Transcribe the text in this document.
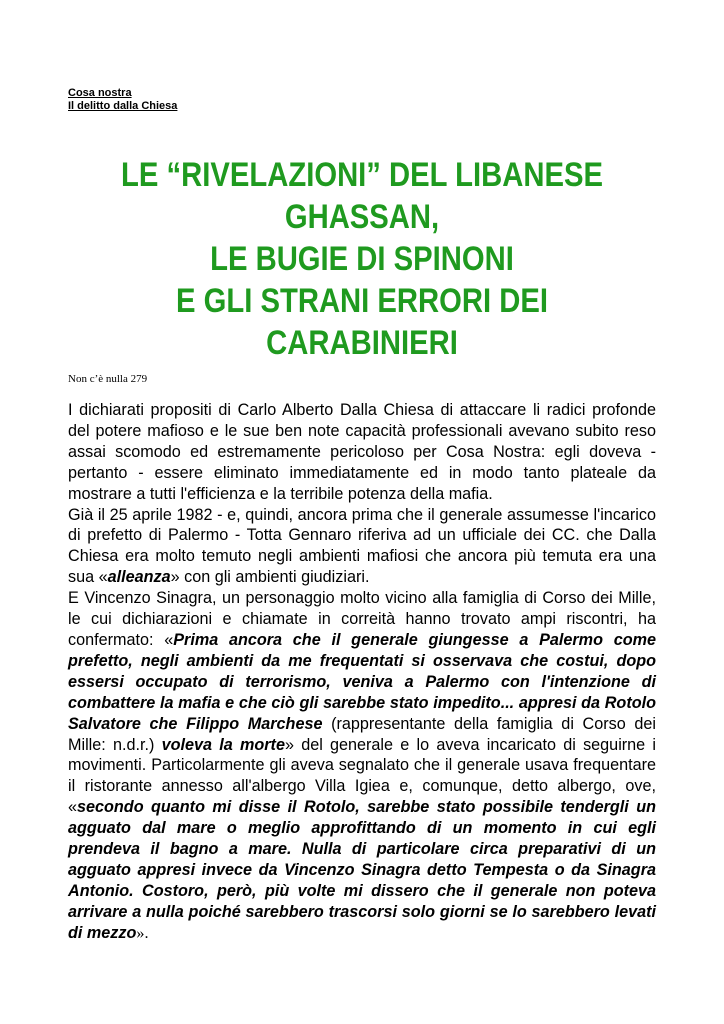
Cosa nostra
Il delitto dalla Chiesa
LE “RIVELAZIONI” DEL LIBANESE
GHASSAN,
LE BUGIE DI SPINONI
E GLI STRANI ERRORI DEI
CARABINIERI
Non c’è nulla 279

I dichiarati propositi di Carlo Alberto Dalla Chiesa di attaccare li radici profonde del potere mafioso e le sue ben note capacità professionali avevano subito reso assai scomodo ed estremamente pericoloso per Cosa Nostra: egli doveva - pertanto - essere eliminato immediatamente ed in modo tanto plateale da mostrare a tutti l'efficienza e la terribile potenza della mafia.

Già il 25 aprile 1982 - e, quindi, ancora prima che il generale assumesse l'incarico di prefetto di Palermo - Totta Gennaro riferiva ad un ufficiale dei CC. che Dalla Chiesa era molto temuto negli ambienti mafiosi che ancora più temuta era una sua «alleanza» con gli ambienti giudiziari.

E Vincenzo Sinagra, un personaggio molto vicino alla famiglia di Corso dei Mille, le cui dichiarazioni e chiamate in correità hanno trovato ampi riscontri, ha confermato: «Prima ancora che il generale giungesse a Palermo come prefetto, negli ambienti da me frequentati si osservava che costui, dopo essersi occupato di terrorismo, veniva a Palermo con l'intenzione di combattere la mafia e che ciò gli sarebbe stato impedito... appresi da Rotolo Salvatore che Filippo Marchese (rappresentante della famiglia di Corso dei Mille: n.d.r.) voleva la morte» del generale e lo aveva incaricato di seguirne i movimenti. Particolarmente gli aveva segnalato che il generale usava frequentare il ristorante annesso all'albergo Villa Igiea e, comunque, detto albergo, ove, «secondo quanto mi disse il Rotolo, sarebbe stato possibile tendergli un agguato dal mare o meglio approfittando di un momento in cui egli prendeva il bagno a mare. Nulla di particolare circa preparativi di un agguato appresi invece da Vincenzo Sinagra detto Tempesta o da Sinagra Antonio. Costoro, però, più volte mi dissero che il generale non poteva arrivare a nulla poiché sarebbero trascorsi solo giorni se lo sarebbero levati di mezzo».
